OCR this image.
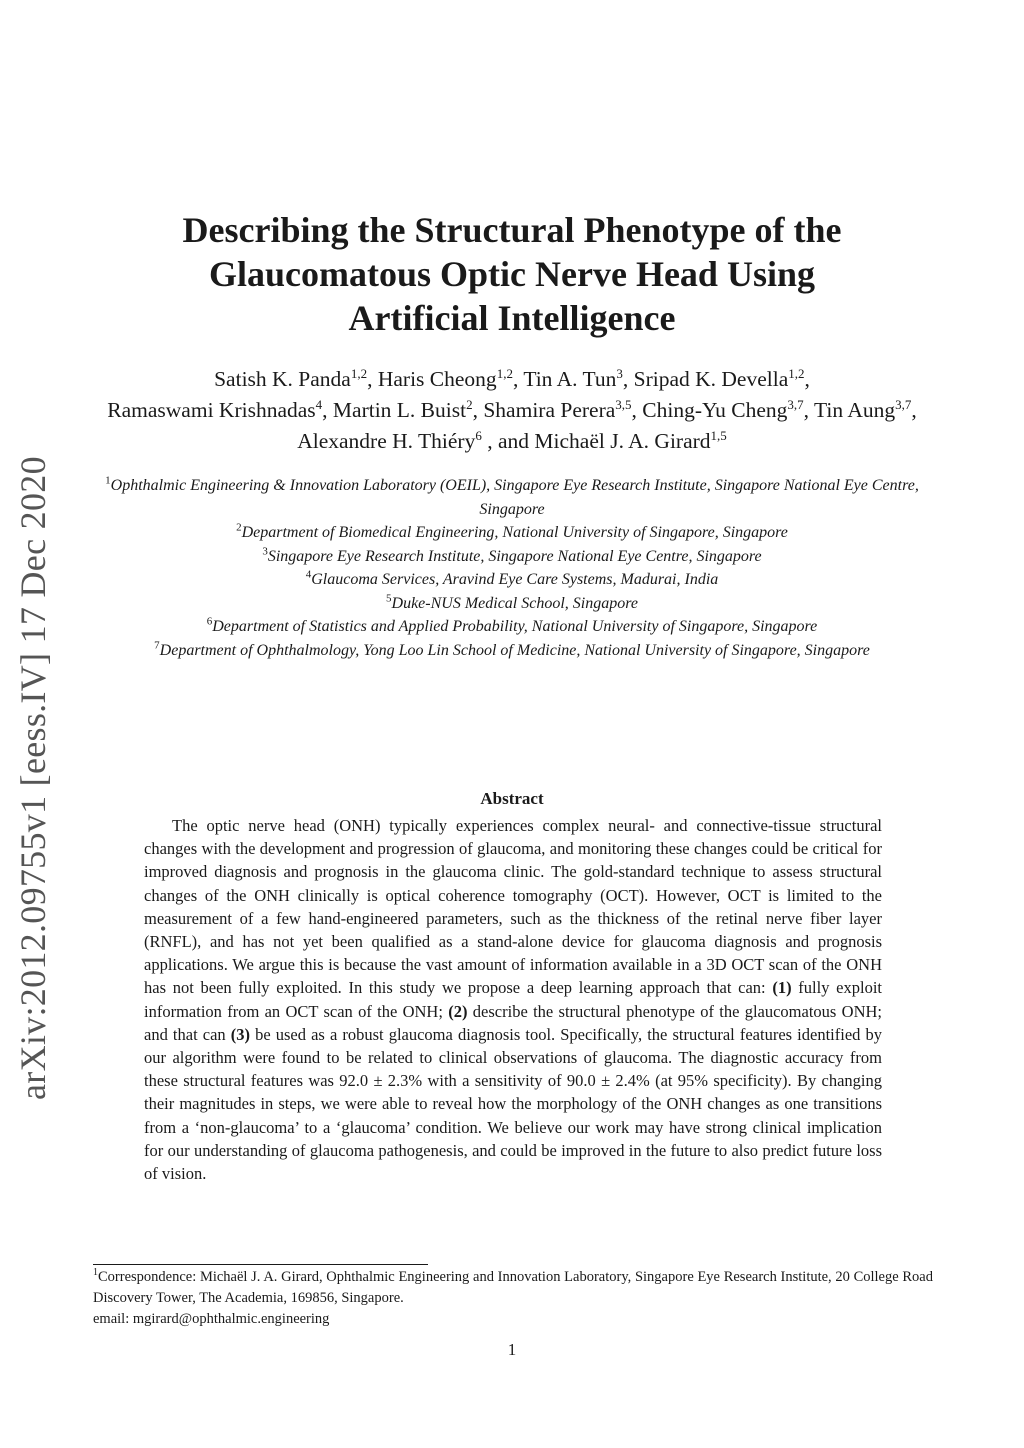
arXiv:2012.09755v1 [eess.IV] 17 Dec 2020
Describing the Structural Phenotype of the
Glaucomatous Optic Nerve Head Using
Artificial Intelligence
Satish K. Panda$^{1,2}$, Haris Cheong$^{1,2}$, Tin A. Tun$^3$, Sripad K. Devella$^{1,2}$,
Ramaswami Krishnadas$^4$, Martin L. Buist$^2$, Shamira Perera$^{3,5}$, Ching-Yu Cheng$^{3,7}$, Tin Aung$^{3,7}$, Alexandre H. Thiéry$^6$ , and Michaël J. A. Girard$^{1,5}$
$^1$Ophthalmic Engineering & Innovation Laboratory (OEIL), Singapore Eye Research Institute, Singapore National Eye Centre, Singapore
$^2$Department of Biomedical Engineering, National University of Singapore, Singapore
$^3$Singapore Eye Research Institute, Singapore National Eye Centre, Singapore
$^4$Glaucoma Services, Aravind Eye Care Systems, Madurai, India
$^5$Duke-NUS Medical School, Singapore
$^6$Department of Statistics and Applied Probability, National University of Singapore, Singapore
$^7$Department of Ophthalmology, Yong Loo Lin School of Medicine, National University of Singapore, Singapore
Abstract

The optic nerve head (ONH) typically experiences complex neural- and connective-tissue structural changes with the development and progression of glaucoma, and monitoring these changes could be critical for improved diagnosis and prognosis in the glaucoma clinic. The gold-standard technique to assess structural changes of the ONH clinically is optical coherence tomography (OCT). However, OCT is limited to the measurement of a few hand-engineered parameters, such as the thickness of the retinal nerve fiber layer (RNFL), and has not yet been qualified as a stand-alone device for glaucoma diagnosis and prognosis applications. We argue this is because the vast amount of information available in a 3D OCT scan of the ONH has not been fully exploited. In this study we propose a deep learning approach that can: (1) fully exploit information from an OCT scan of the ONH; (2) describe the structural phenotype of the glaucomatous ONH; and that can (3) be used as a robust glaucoma diagnosis tool. Specifically, the structural features identified by our algorithm were found to be related to clinical observations of glaucoma. The diagnostic accuracy from these structural features was 92.0 ± 2.3% with a sensitivity of 90.0 ± 2.4% (at 95% specificity). By changing their magnitudes in steps, we were able to reveal how the morphology of the ONH changes as one transitions from a ‘non-glaucoma’ to a ‘glaucoma’ condition. We believe our work may have strong clinical implication for our understanding of glaucoma pathogenesis, and could be improved in the future to also predict future loss of vision.

$^1$Correspondence: Michaël J. A. Girard, Ophthalmic Engineering and Innovation Laboratory, Singapore Eye Research Institute, 20 College Road Discovery Tower, The Academia, 169856, Singapore.
email: mgirard@ophthalmic.engineering
1
